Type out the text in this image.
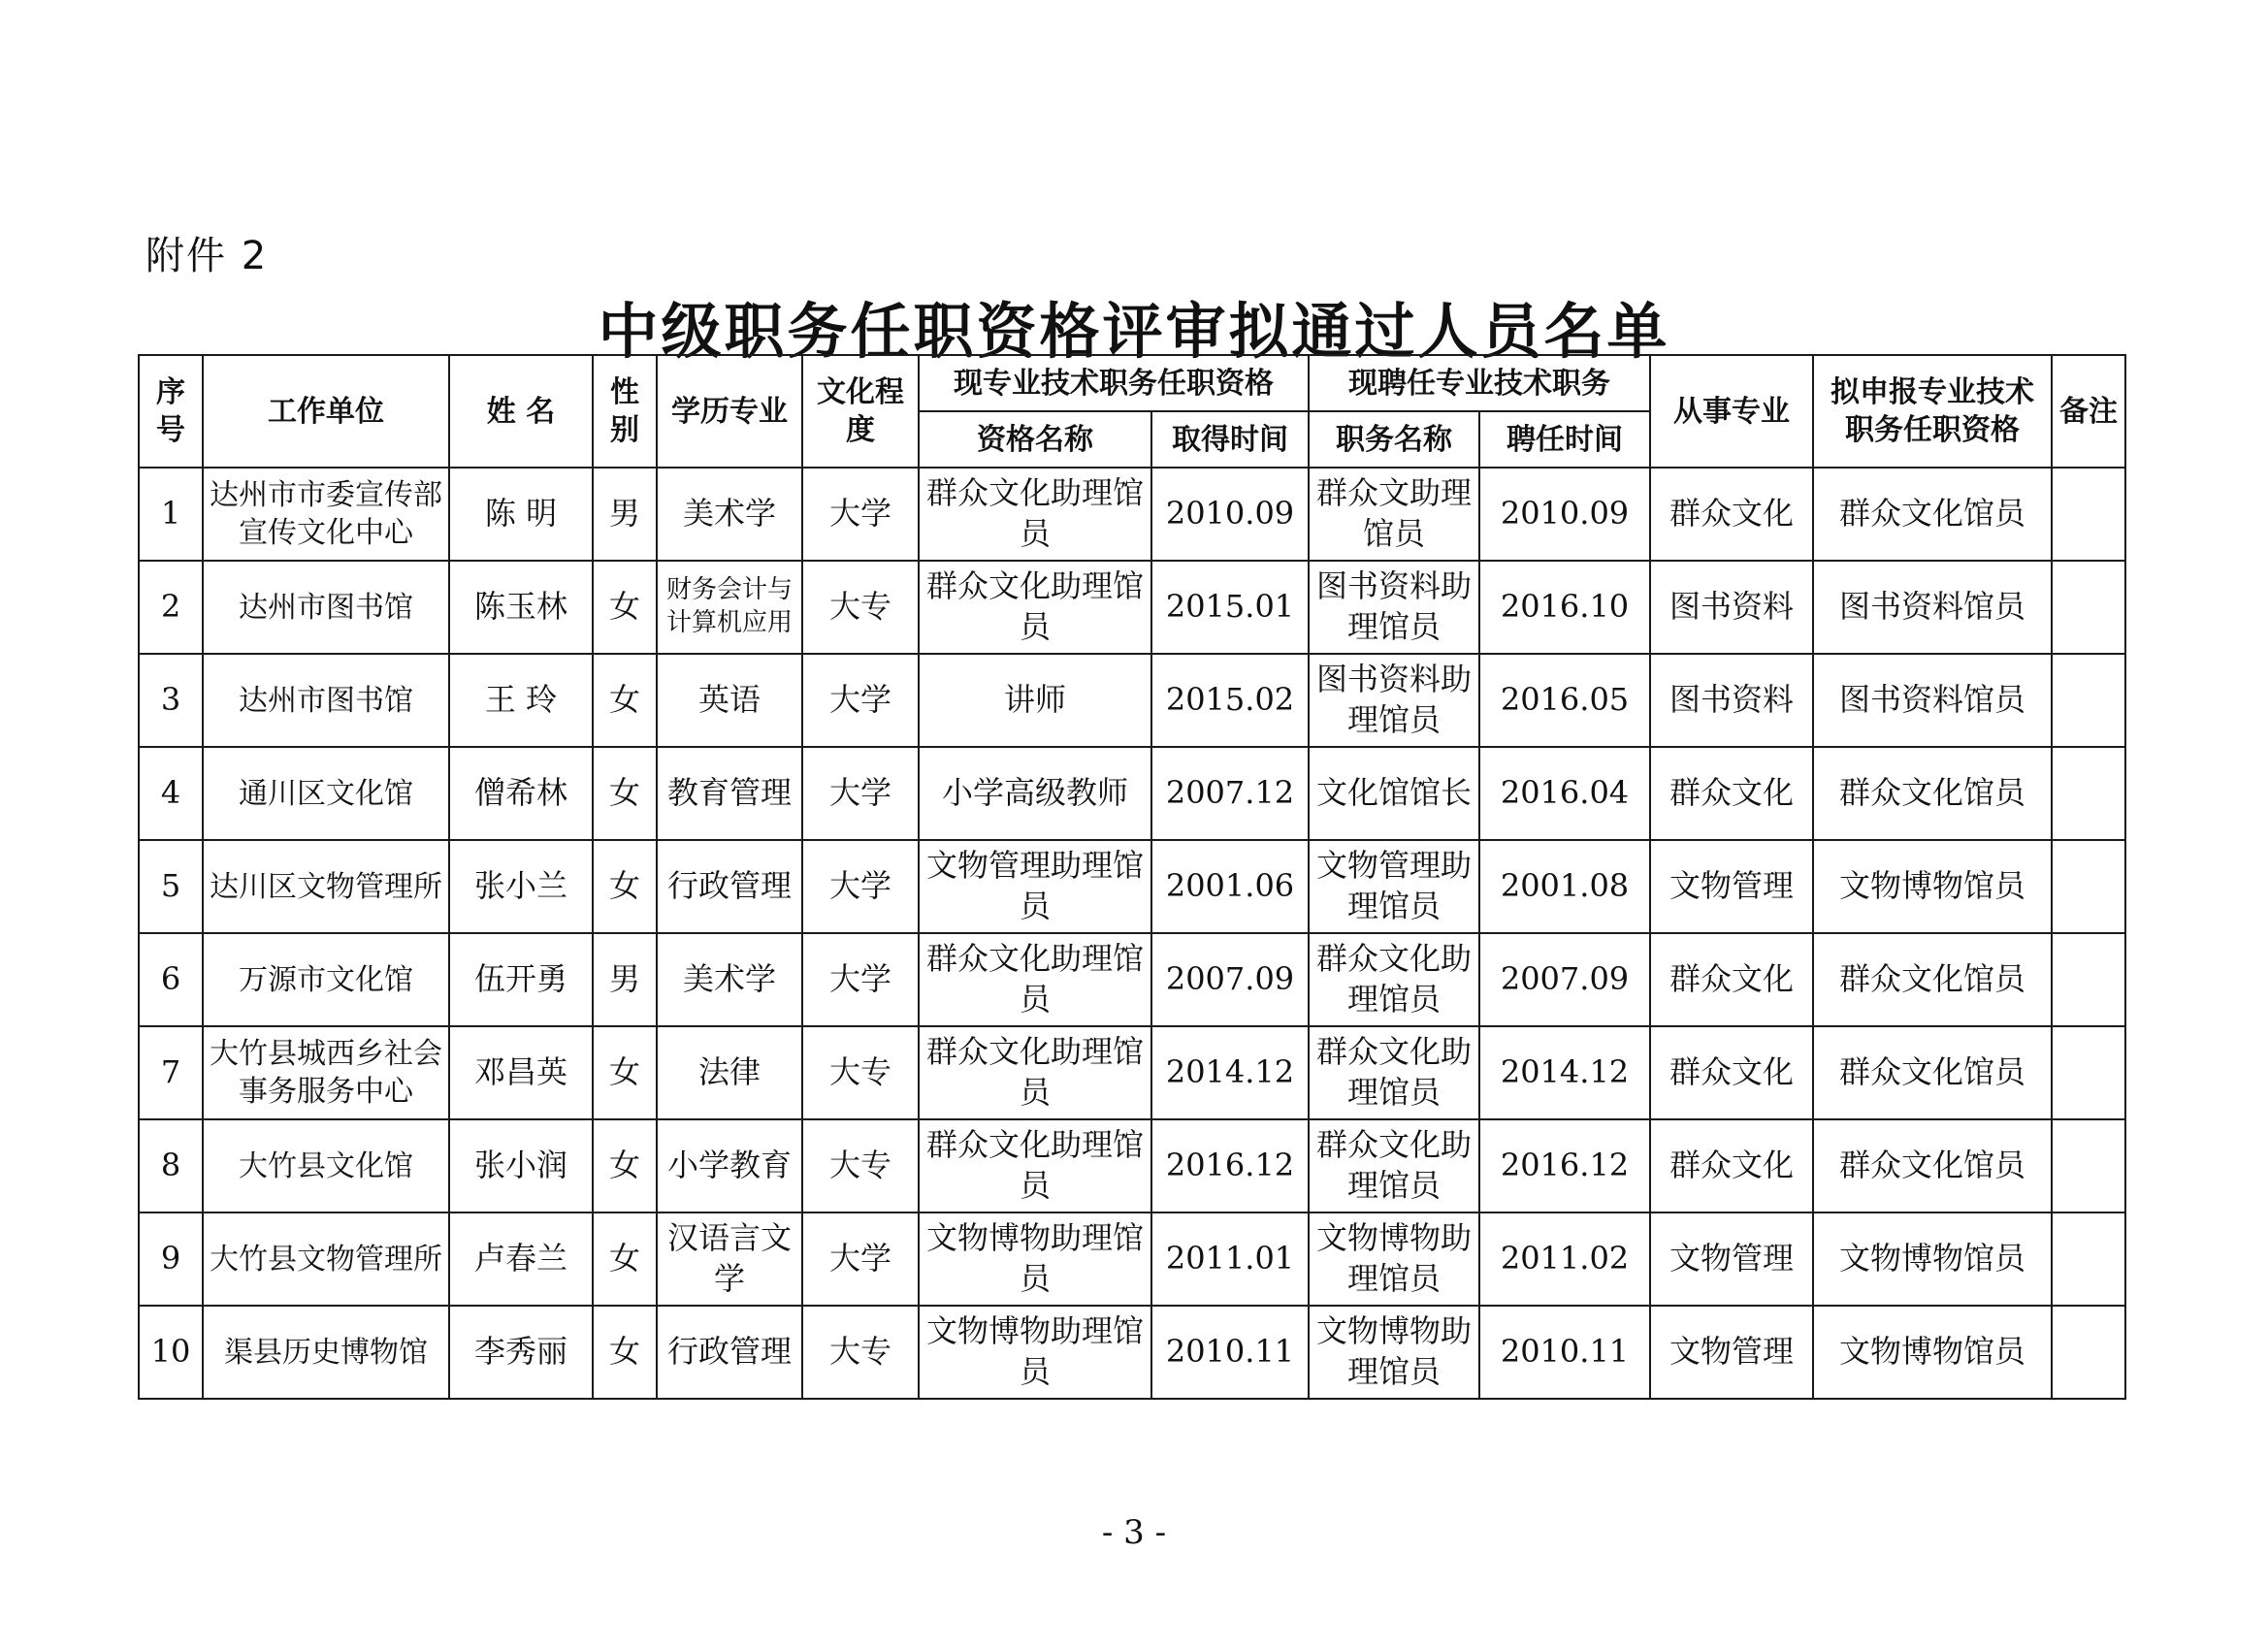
附件 2
中级职务任职资格评审拟通过人员名单
序号	工作单位	姓 名	性别	学历专业	文化程度	现专业技术职务任职资格		现聘任专业技术职务		从事专业	拟申报专业技术职务任职资格	备注
						资格名称	取得时间	职务名称	聘任时间			
1	达州市市委宣传部宣传文化中心	陈 明	男	美术学	大学	群众文化助理馆员	2010.09	群众文助理馆员	2010.09	群众文化	群众文化馆员	
2	达州市图书馆	陈玉林	女	财务会计与计算机应用	大专	群众文化助理馆员	2015.01	图书资料助理馆员	2016.10	图书资料	图书资料馆员	
3	达州市图书馆	王 玲	女	英语	大学	讲师	2015.02	图书资料助理馆员	2016.05	图书资料	图书资料馆员	
4	通川区文化馆	僧希林	女	教育管理	大学	小学高级教师	2007.12	文化馆馆长	2016.04	群众文化	群众文化馆员	
5	达川区文物管理所	张小兰	女	行政管理	大学	文物管理助理馆员	2001.06	文物管理助理馆员	2001.08	文物管理	文物博物馆员	
6	万源市文化馆	伍开勇	男	美术学	大学	群众文化助理馆员	2007.09	群众文化助理馆员	2007.09	群众文化	群众文化馆员	
7	大竹县城西乡社会事务服务中心	邓昌英	女	法律	大专	群众文化助理馆员	2014.12	群众文化助理馆员	2014.12	群众文化	群众文化馆员	
8	大竹县文化馆	张小润	女	小学教育	大专	群众文化助理馆员	2016.12	群众文化助理馆员	2016.12	群众文化	群众文化馆员	
9	大竹县文物管理所	卢春兰	女	汉语言文学	大学	文物博物助理馆员	2011.01	文物博物助理馆员	2011.02	文物管理	文物博物馆员	
10	渠县历史博物馆	李秀丽	女	行政管理	大专	文物博物助理馆员	2010.11	文物博物助理馆员	2010.11	文物管理	文物博物馆员	
- 3 -
